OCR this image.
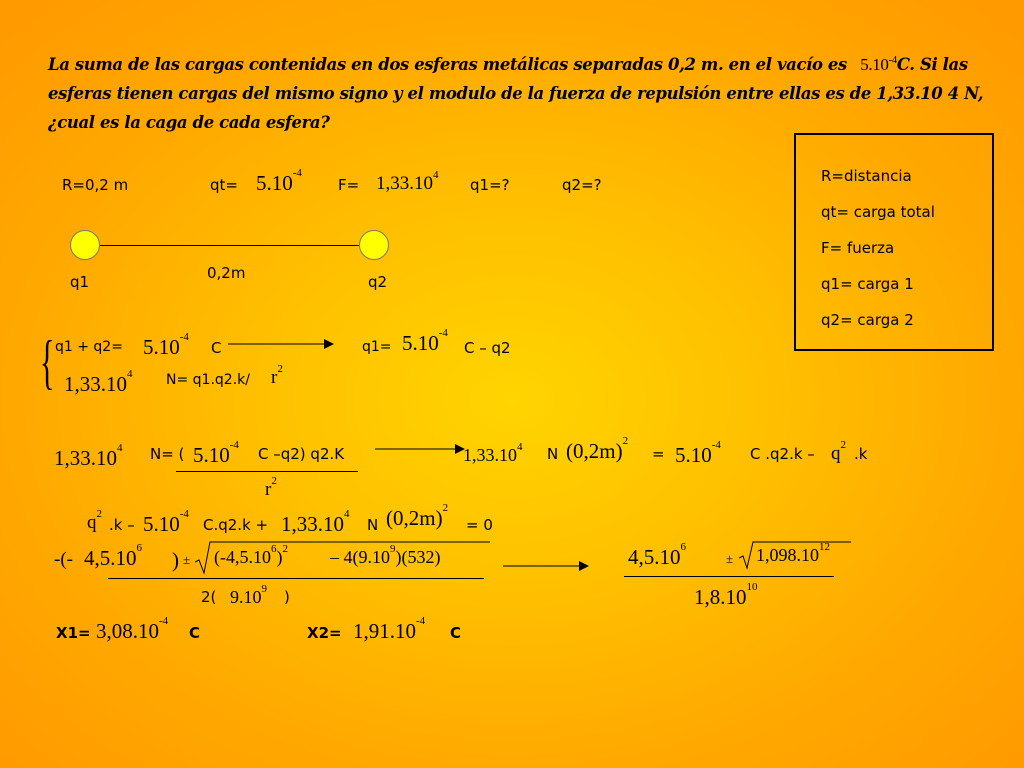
La suma de las cargas contenidas en dos esferas metálicas separadas 0,2 m. en el vacío es $5.10^{-4}C$. Si las esferas tienen cargas del mismo signo y el modulo de la fuerza de repulsión entre ellas es de 1,33.10 4 N, ¿cual es la caga de cada esfera?
R=0,2 m	$qt= 5.10^{-4}$
$F= 1,33.10^4$
q1=?	q2=?	R=distancia
qt= carga total
F= fuerza
q1= carga 1
q2= carga 2
0,2m
q1	q2
{ $q1 + q2= 5.10^{-4}$
C	$q1= 5.10^{-4}$
C – q2
1,33.10$^4$ N= q1.q2.k/ $r^2$
1,33.10$^4$ N= ( $5.10^{-4}$ C –q2) q2.K
$r^2$
1,33.10$^4$ N $(0,2m)^2$
= $5.10^{-4}$ C $.q2.k - q^2$ .k
$q^2$
.k – $5.10^{-4}$
$C.q2.k + 1,33.10^4$
N $(0,2m)^2$
= 0
-(- 4,5.10$^6$ ) ± $(-4,5.10^6)^2 - 4(9.10^9)(532)$
2( 9.10$^9$ )
$4,5.10^6$
± $1,098.10^{12}$
1,8.10$^{10}$
$X1= 3,08.10^{-4}$
C	$X2= 1,91.10^{-4}$
C
